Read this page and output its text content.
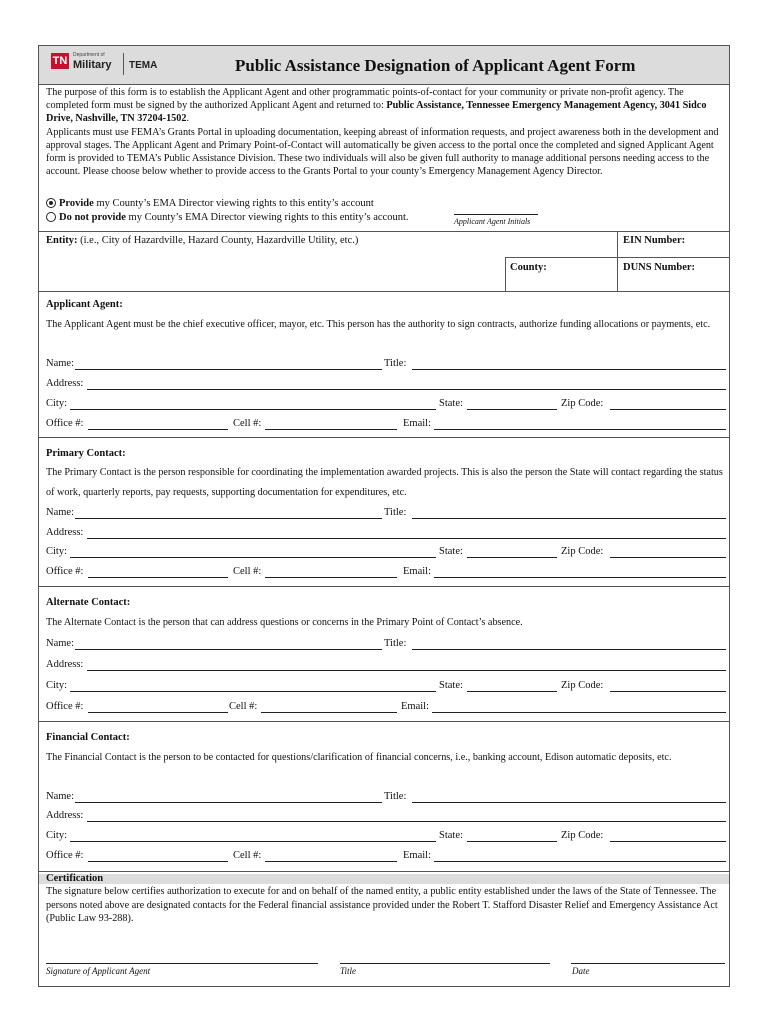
TN	Department of
Military TEMA	Public Assistance Designation of Applicant Agent Form

The purpose of this form is to establish the Applicant Agent and other programmatic points-of-contact for your community or private non-profit agency. The completed form must be signed by the authorized Applicant Agent and returned to: Public Assistance, Tennessee Emergency Management Agency, 3041 Sidco Drive, Nashville, TN 37204-1502.

Applicants must use FEMA’s Grants Portal in uploading documentation, keeping abreast of information requests, and project awareness both in the development and approval stages. The Applicant Agent and Primary Point-of-Contact will automatically be given access to the portal once the completed and signed Applicant Agent form is provided to TEMA’s Public Assistance Division. These two individuals will also be given full authority to manage additional persons needing access to the account. Please choose below whether to provide access to the Grants Portal to your county’s Emergency Management Agency Director.

Provide my County’s EMA Director viewing rights to this entity’s account
Do not provide my County’s EMA Director viewing rights to this entity’s account.	Applicant Agent Initials
Entity: (i.e., City of Hazardville, Hazard County, Hazardville Utility, etc.)	EIN Number:
County:	DUNS Number:
Applicant Agent:
The Applicant Agent must be the chief executive officer, mayor, etc. This person has the authority to sign contracts, authorize funding allocations or payments, etc.
Name:	Title:
Address:
City:	State:	Zip Code:
Office #:	Cell #:	Email:
Primary Contact:
The Primary Contact is the person responsible for coordinating the implementation awarded projects. This is also the person the State will contact regarding the status of work, quarterly reports, pay requests, supporting documentation for expenditures, etc.
Name:	Title:
Address:
City:	State:	Zip Code:
Office #:	Cell #:	Email:
Alternate Contact:
The Alternate Contact is the person that can address questions or concerns in the Primary Point of Contact’s absence.
Name:	Title:
Address:
City:	State:	Zip Code:
Office #:	Cell #:	Email:
Financial Contact:
The Financial Contact is the person to be contacted for questions/clarification of financial concerns, i.e., banking account, Edison automatic deposits, etc.
Name:	Title:
Address:
City:	State:	Zip Code:
Office #:	Cell #:	Email:
Certification
The signature below certifies authorization to execute for and on behalf of the named entity, a public entity established under the laws of the State of Tennessee. The persons noted above are designated contacts for the Federal financial assistance provided under the Robert T. Stafford Disaster Relief and Emergency Assistance Act (Public Law 93-288).
Signature of Applicant Agent	Title	Date
